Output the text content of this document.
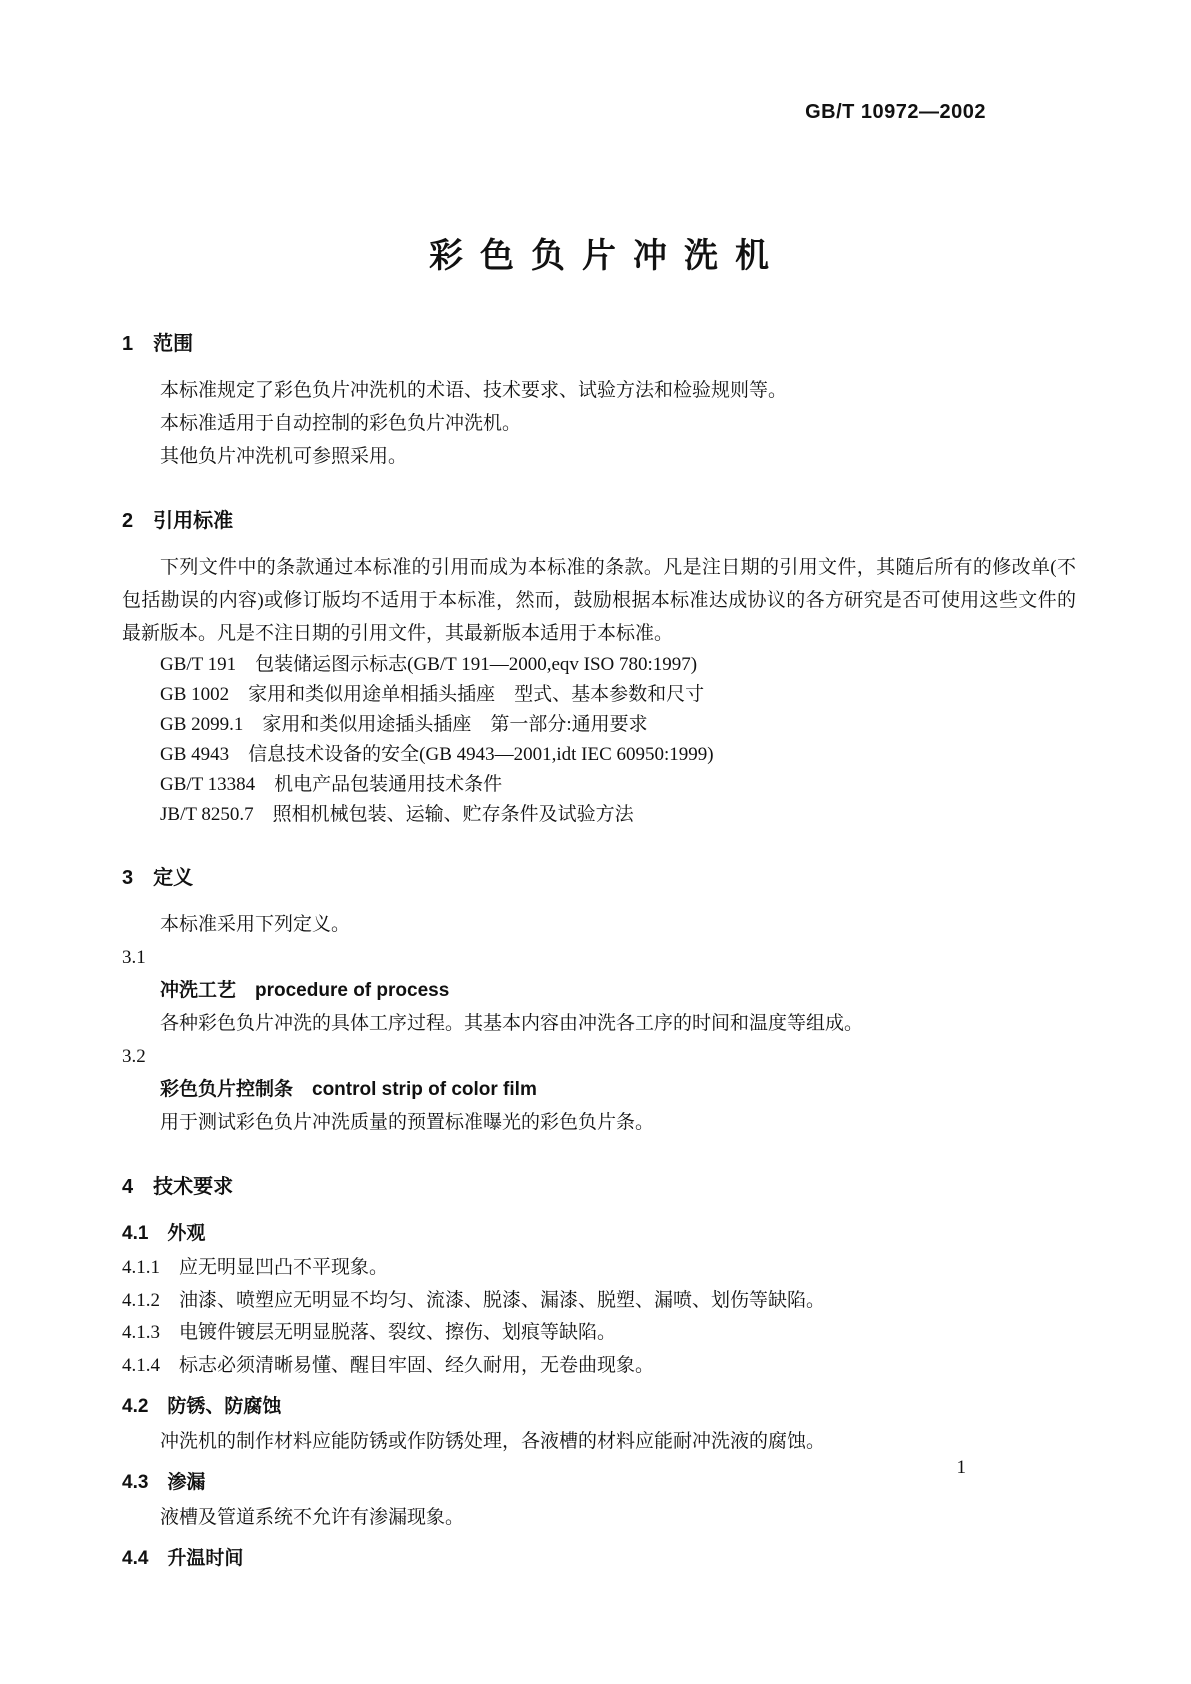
GB/T 10972—2002
彩色负片冲洗机
1　范围
本标准规定了彩色负片冲洗机的术语、技术要求、试验方法和检验规则等。
本标准适用于自动控制的彩色负片冲洗机。
其他负片冲洗机可参照采用。
2　引用标准
下列文件中的条款通过本标准的引用而成为本标准的条款。凡是注日期的引用文件，其随后所有的修改单(不包括勘误的内容)或修订版均不适用于本标准，然而，鼓励根据本标准达成协议的各方研究是否可使用这些文件的最新版本。凡是不注日期的引用文件，其最新版本适用于本标准。
GB/T 191　包装储运图示标志(GB/T 191—2000,eqv ISO 780:1997)
GB 1002　家用和类似用途单相插头插座　型式、基本参数和尺寸
GB 2099.1　家用和类似用途插头插座　第一部分:通用要求
GB 4943　信息技术设备的安全(GB 4943—2001,idt IEC 60950:1999)
GB/T 13384　机电产品包装通用技术条件
JB/T 8250.7　照相机械包装、运输、贮存条件及试验方法
3　定义
本标准采用下列定义。
3.1
冲洗工艺　procedure of process
各种彩色负片冲洗的具体工序过程。其基本内容由冲洗各工序的时间和温度等组成。
3.2
彩色负片控制条　control strip of color film
用于测试彩色负片冲洗质量的预置标准曝光的彩色负片条。
4　技术要求
4.1　外观
4.1.1　应无明显凹凸不平现象。
4.1.2　油漆、喷塑应无明显不均匀、流漆、脱漆、漏漆、脱塑、漏喷、划伤等缺陷。
4.1.3　电镀件镀层无明显脱落、裂纹、擦伤、划痕等缺陷。
4.1.4　标志必须清晰易懂、醒目牢固、经久耐用，无卷曲现象。
4.2　防锈、防腐蚀
冲洗机的制作材料应能防锈或作防锈处理，各液槽的材料应能耐冲洗液的腐蚀。
4.3　渗漏
液槽及管道系统不允许有渗漏现象。
4.4　升温时间
1
